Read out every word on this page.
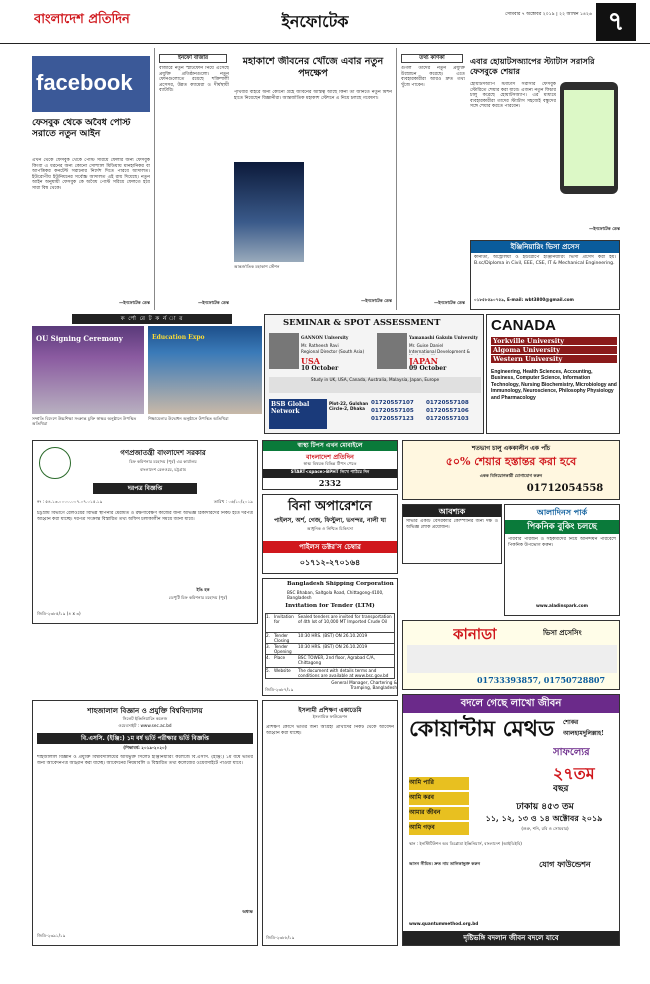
বাংলাদেশ প্রতিদিন	ইনফোটেক	সোমবার ৭ অক্টোবর ২০১৯ | ২২ আশ্বিন ১৪২৬ ৭
facebook
ফেসবুক থেকে অবৈধ পোস্ট সরাতে নতুন আইন
এখন থেকে ফেসবুক থেকে পোস্ট সরিয়ে ফেলার জন্য ফেসবুক কিংবা এ ধরনের অন্য কোনো সোশ্যাল মিডিয়ায় মানহানিকর বা আপত্তিকর কনটেন্ট সরানোর নির্দেশ দিতে পারবে আদালত। ইউরোপীয় ইউনিয়নের সর্বোচ্চ আদালত এই রায় দিয়েছে। নতুন আইন অনুযায়ী ফেসবুক কে অবৈধ পোস্ট সরিয়ে ফেলতে হবে সারা বিশ্ব থেকে।
—ইনফোটেক ডেস্ক
ইনফো বাজার
বাজারে নতুন স্মার্টফোন নিয়ে এসেছে প্রযুক্তি প্রতিষ্ঠানগুলো। নতুন ফোনগুলোতে রয়েছে শক্তিশালী প্রসেসর, উন্নত ক্যামেরা ও দীর্ঘস্থায়ী ব্যাটারি।
—ইনফোটেক ডেস্ক
মহাকাশে জীবনের খোঁজে এবার নতুন পদক্ষেপ
পৃথিবীর বাইরে অন্য কোনো গ্রহে জীবনের অস্তিত্ব আছে কিনা তা জানতে নতুন মিশন হাতে নিয়েছেন বিজ্ঞানীরা। আন্তর্জাতিক মহাকাশ স্টেশনে এ নিয়ে চলছে গবেষণা।
আন্তর্জাতিক মহাকাশ স্টেশন
—ইনফোটেক ডেস্ক
তথ্য কণিকা
গুগল তাদের নতুন প্রযুক্তি উন্মোচন করেছে। এতে ব্যবহারকারীরা আরও দ্রুত তথ্য খুঁজে পাবেন।
—ইনফোটেক ডেস্ক
এবার হোয়াটসঅ্যাপের স্ট্যাটাস সরাসরি ফেসবুকে শেয়ার
হোয়াটসঅ্যাপ স্ট্যাটাস সরাসরি ফেসবুক স্টোরিতে শেয়ার করা যাবে। এজন্য নতুন ফিচার চালু করেছে হোয়াটসঅ্যাপ। এর মাধ্যমে ব্যবহারকারীরা তাদের স্ট্যাটাস সহজেই বন্ধুদের সঙ্গে শেয়ার করতে পারবেন।
—ইনফোটেক ডেস্ক
ইঞ্জিনিয়ারিং ভিসা প্রসেস
কানাডা, অস্ট্রেলিয়া ও ইউরোপে ইঞ্জিনিয়ারিং ভিসা প্রসেস করা হয়। B.sc/Diploma in Civil, EEE, CSE, IT & Mechanical Engineering.
০১৮৫৮৫৯০৭৫৯, E-mail: wbt3800@gmail.com
ক র্পো রে ট ক র্ন া র
OU Signing Ceremony	Education Expo
সম্প্রতি বিদেশে উচ্চশিক্ষা সংক্রান্ত চুক্তি স্বাক্ষর অনুষ্ঠানে উপস্থিত অতিথিরা
শিক্ষামেলার উদ্বোধন অনুষ্ঠানে উপস্থিত অতিথিরা
SEMINAR & SPOT ASSESSMENT
GANNON University
Mr. Ratheesh Ravi
Regional Director (South Asia)
USA
10 October
Yamanashi Gakuin University
Mr. Guise Daniel
International Development &
JAPAN
09 October
Study in UK, USA, Canada, Australia, Malaysia, Japan, Europe
BSB Global Network
Plot-22, Gulshan Circle-2, Dhaka
01720557107 01720557108 01720557105 01720557106 01720557123 01720557103
CANADA
Yorkville University
Algoma University
Western University
Engineering, Health Sciences, Accounting, Business, Computer Science, Information Technology, Nursing Biochemistry, Microbiology and Immunology, Neuroscience, Philosophy Physiology and Pharmacology
গণপ্রজাতন্ত্রী বাংলাদেশ সরকার
চিফ কমিশনার মহোদয় (পূর্ব) এর কার্যালয়
বাংলাদেশ রেলওয়ে, চট্টগ্রাম
দরপত্র বিজ্ঞপ্তি
নং : ৫৪.১৩.০০০০.০০৭.০৭.০১৫.১৯	তারিখ : ০৬/১০/২০১৯
চট্টগ্রাম বিভাগে রেলওয়ের বিভিন্ন স্থাপনার মেরামত ও রক্ষণাবেক্ষণ কাজের জন্য অভিজ্ঞ ঠিকাদারদের নিকট হতে দরপত্র আহ্বান করা যাচ্ছে। দরপত্র সংক্রান্ত বিস্তারিত তথ্য অফিস চলাকালীন সময়ে জানা যাবে।
ইঙি হক
ডেপুটি চিফ কমিশনার মহোদয় (পূর্ব)
জিডি-২৩৮৫/১৯ (৪ x ৩)
স্বাস্থ্য টিপস এখন মোবাইলে
বাংলাদেশ প্রতিদিন
স্বাস্থ্য বিষয়ক বিভিন্ন টিপস পেতে
START<space>BPHT লিখে পাঠিয়ে দিন
2332
বিনা অপারেশনে
পাইলস, অর্শ, গেজ, ফিস্টুলা, ভগন্দর, নালী ঘা
আধুনিক ও নিশ্চিত চিকিৎসা
পাইলস ডক্টর'স চেম্বার
০১৭১২-২৭০১৬৪
Bangladesh Shipping Corporation
BSC Bhaban, Saltgola Road, Chittagong-4100, Bangladesh
Invitation for Tender (LTM)
1. Invitation for
Sealed tenders are invited for transportation of 4th lot of 10,000 MT Imported Crude Oil
2. Tender Closing
10:30 HRS. (BST) ON 26.10.2019
3. Tender Opening
10:30 HRS. (BST) ON 26.10.2019
4. Place	BSC TOWER, 2nd floor, Agrabad C/A, Chittagong
5. Website	The document with details terms and conditions are available at www.bsc.gov.bd
General Manager, Chartering & Tramping, Bangladesh
জিডি-২৩৮৭/১৯
শতভাগ চালু এককালীন এক পাঁচ
৫০% শেয়ার হস্তান্তর করা হবে
একক বিনিয়োগকারী যোগাযোগ করুন
01712054558
আবশ্যক
সাভার একটি বেসরকারি কোম্পানির জন্য দক্ষ ও অভিজ্ঞ লোক প্রয়োজন।
আলাদিনস পার্ক
পিকনিক বুকিং চলছে
পরিবার পরিজন ও সহকর্মীদের নিয়ে আনন্দঘন পরিবেশে পিকনিক উপভোগ করুন।
www.aladinspark.com
কানাডা	ভিসা প্রসেসিং
01733393857, 01750728807
শাহজালাল বিজ্ঞান ও প্রযুক্তি বিশ্ববিদ্যালয়
সিলেট ইঞ্জিনিয়ারিং কলেজ
ওয়েবসাইট : www.sec.ac.bd
বি.এসসি. (ইঞ্জি:) ১ম বর্ষ ভর্তি পরীক্ষার ভর্তি বিজ্ঞপ্তি
(শিক্ষাবর্ষ: ২০১৯-২০২০)
শাহজালাল বিজ্ঞান ও প্রযুক্তি বিশ্ববিদ্যালয়ের অধিভুক্ত সিলেট ইঞ্জিনিয়ারিং কলেজে বি.এসসি. (ইঞ্জি:) ১ম বর্ষে ভর্তির জন্য আবেদনপত্র আহ্বান করা যাচ্ছে। আবেদনের নিয়মাবলি ও বিস্তারিত তথ্য কলেজের ওয়েবসাইটে পাওয়া যাবে।
অধ্যক্ষ
জিডি-২৩৯১/১৯
ইসলামী প্রশিক্ষণ একাডেমি
ইসলামিক ফাউন্ডেশন
প্রশিক্ষণ কোর্সে ভর্তির জন্য আগ্রহী প্রার্থীদের নিকট থেকে আবেদন আহ্বান করা যাচ্ছে।
জিডি-২৩৮৮/১৯
বদলে গেছে লাখো জীবন
কোয়ান্টাম মেথড	শোকর আলহামদুলিল্লাহ!
সাফল্যের
২৭তম
বছর
আমি পারি
আমি করব
আমার জীবন
আমি গড়ব
ঢাকায় ৪৫৩ তম
১১, ১২, ১৩ ও ১৪ অক্টোবর ২০১৯
(শুক্র, শনি, রবি ও সোমবার)
স্থান : ইনস্টিটিউশন অব ডিপ্লোমা ইঞ্জিনিয়ার্স, বাংলাদেশ (আইডিইবি)
আসন সীমিত। দ্রুত নাম তালিকাভুক্ত করুন	যোগ ফাউন্ডেশন
www.quantummethod.org.bd
দৃষ্টিভঙ্গি বদলান জীবন বদলে যাবে
